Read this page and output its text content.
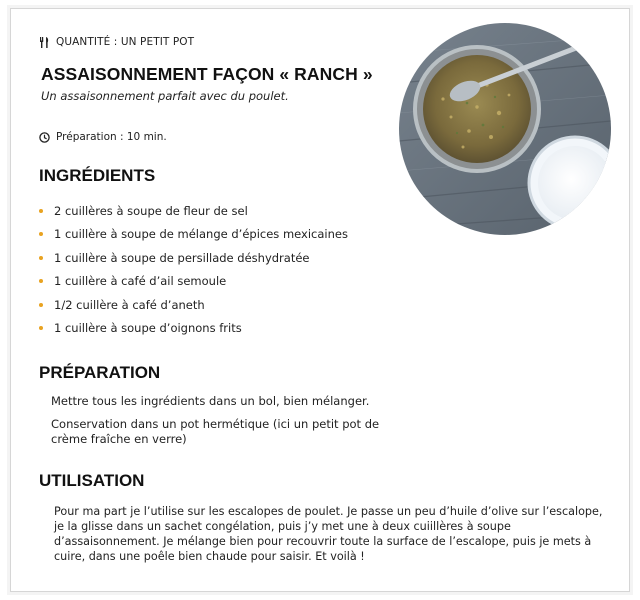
QUANTITÉ : UN PETIT POT
ASSAISONNEMENT FAÇON « RANCH »

Un assaisonnement parfait avec du poulet.

Préparation : 10 min.
INGRÉDIENTS
2 cuillères à soupe de fleur de sel
1 cuillère à soupe de mélange d’épices mexicaines
1 cuillère à soupe de persillade déshydratée
1 cuillère à café d’ail semoule
1/2 cuillère à café d’aneth
1 cuillère à soupe d’oignons frits
PRÉPARATION

Mettre tous les ingrédients dans un bol, bien mélanger.

Conservation dans un pot hermétique (ici un petit pot de crème fraîche en verre)

UTILISATION

Pour ma part je l’utilise sur les escalopes de poulet. Je passe un peu d’huile d’olive sur l’escalope, je la glisse dans un sachet congélation, puis j’y met une à deux cuiillères à soupe d’assaisonnement. Je mélange bien pour recouvrir toute la surface de l’escalope, puis je mets à cuire, dans une poêle bien chaude pour saisir. Et voilà !
